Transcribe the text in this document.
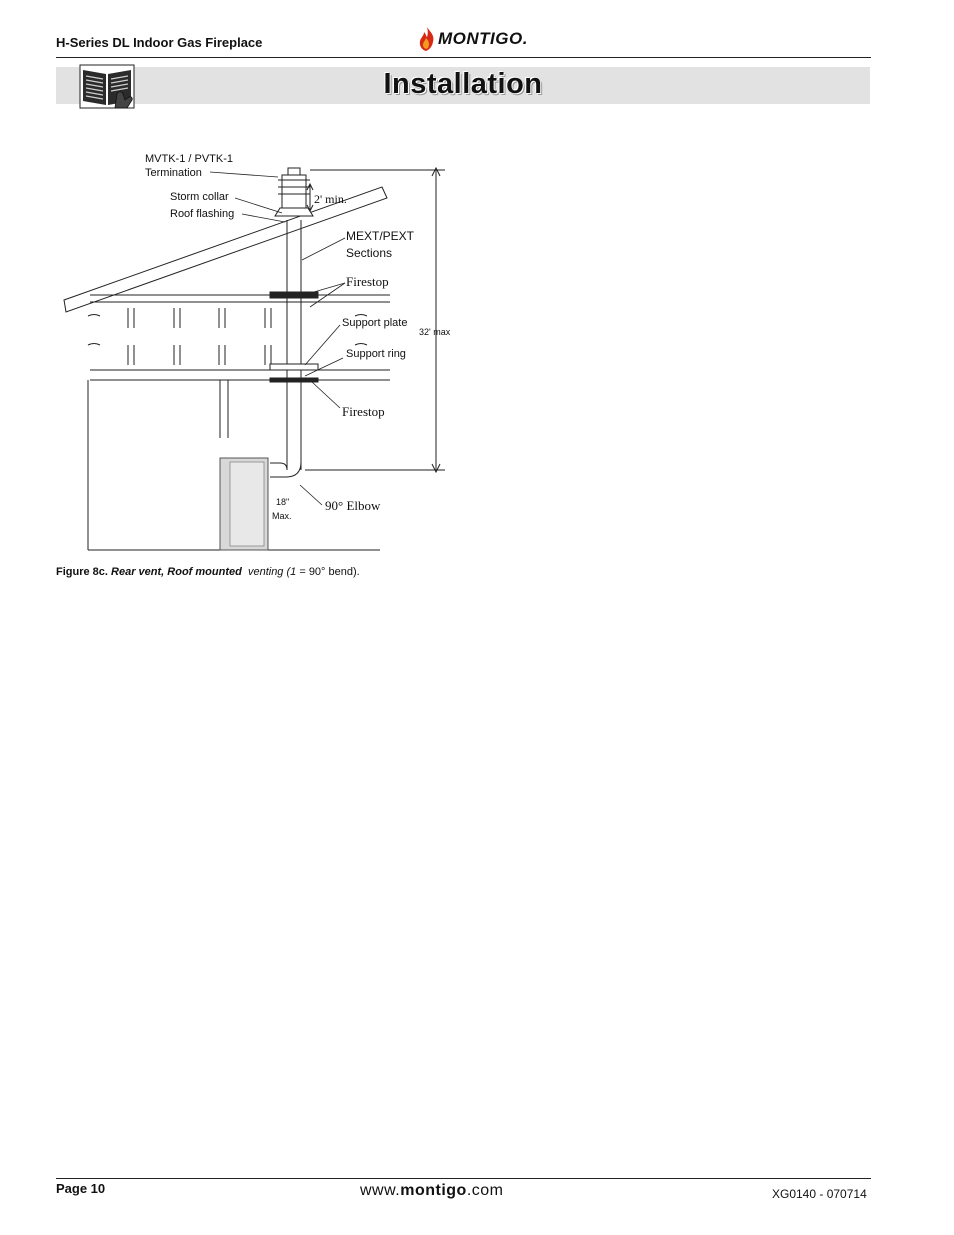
H-Series DL Indoor Gas Fireplace	MONTIGO.
Installation
MVTK-1 / PVTK-1
Termination
Storm collar
Roof flashing
2' min.
MEXT/PEXT
Sections
Firestop
Support plate
32' max
Support ring
Firestop
18"
Max.
90° Elbow
Figure 8c. Rear vent, Roof mounted venting (1 = 90° bend).
Page 10	www.montigo.com	XG0140 - 070714
